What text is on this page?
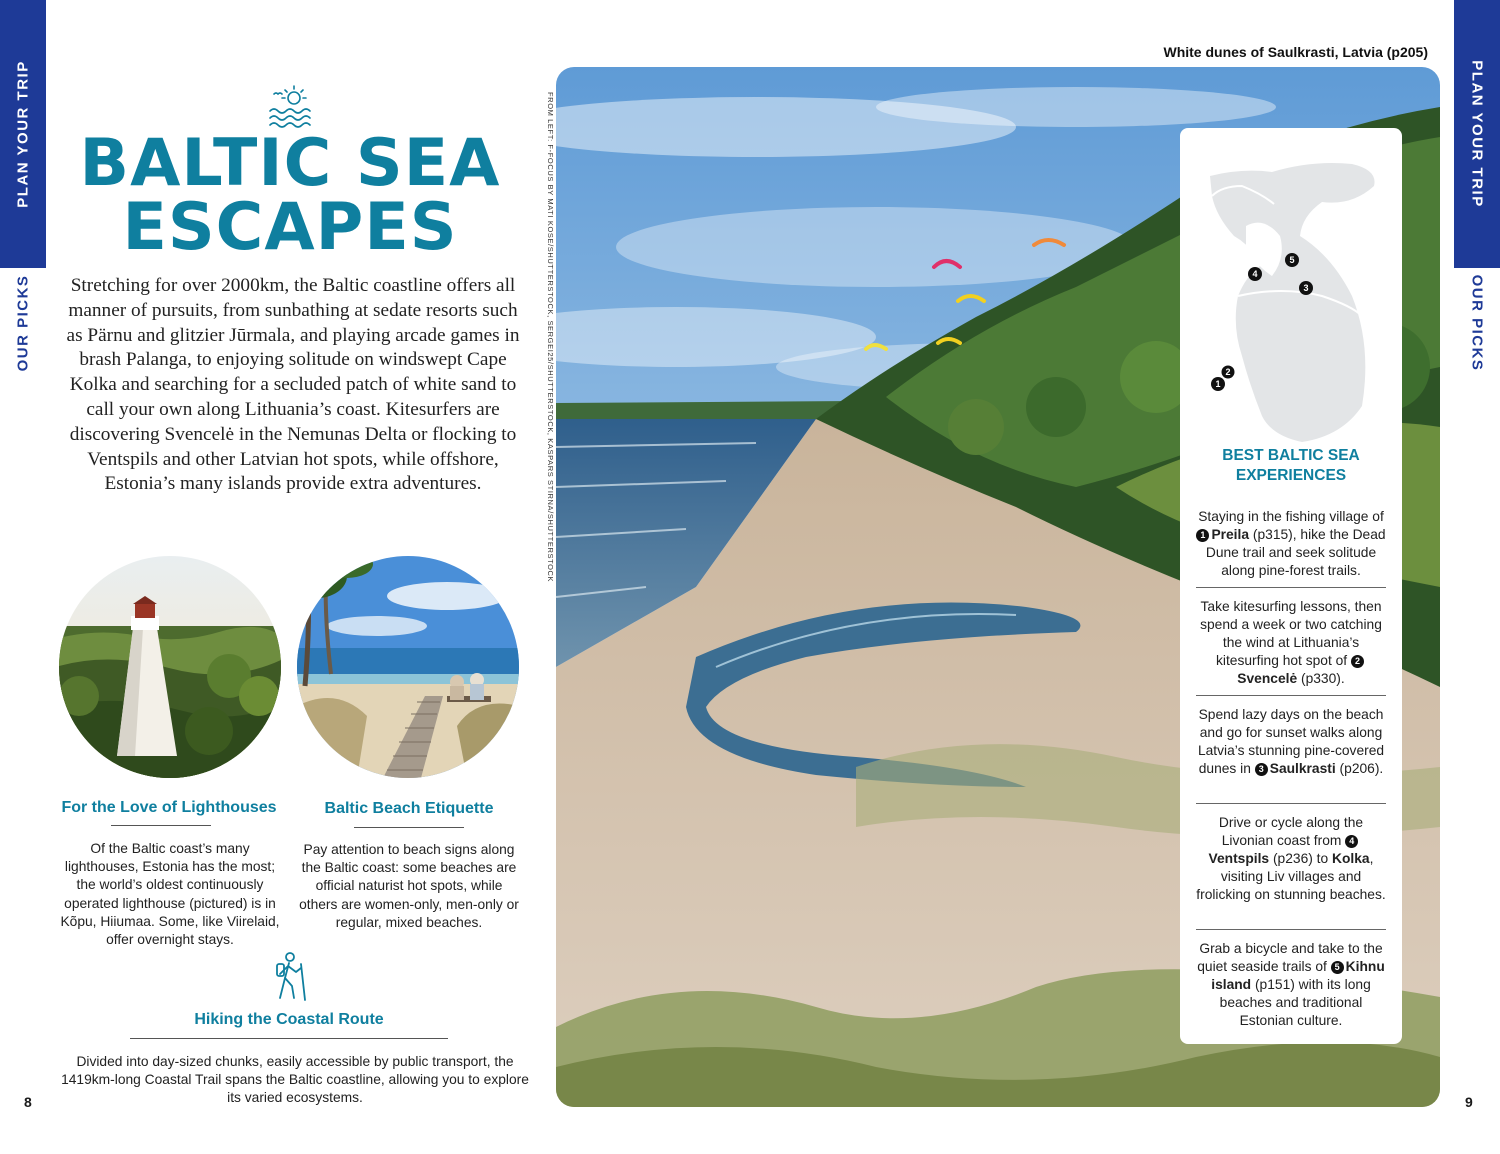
PLAN YOUR TRIP
OUR PICKS
PLAN YOUR TRIP
OUR PICKS
8	9
BALTIC SEA
ESCAPES
Stretching for over 2000km, the Baltic coastline offers all manner of pursuits, from sunbathing at sedate resorts such as Pärnu and glitzier Jūrmala, and playing arcade games in brash Palanga, to enjoying solitude on windswept Cape Kolka and searching for a secluded patch of white sand to call your own along Lithuania’s coast. Kitesurfers are discovering Svencelė in the Nemunas Delta or flocking to Ventspils and other Latvian hot spots, while offshore, Estonia’s many islands provide extra adventures.
For the Love of Lighthouses
Of the Baltic coast’s many lighthouses, Estonia has the most; the world’s oldest continuously operated lighthouse (pictured) is in Kõpu, Hiiumaa. Some, like Viirelaid, offer overnight stays.
Baltic Beach Etiquette
Pay attention to beach signs along the Baltic coast: some beaches are official naturist hot spots, while others are women-only, men-only or regular, mixed beaches.
Hiking the Coastal Route
Divided into day-sized chunks, easily accessible by public transport, the 1419km-long Coastal Trail spans the Baltic coastline, allowing you to explore its varied ecosystems.
White dunes of Saulkrasti, Latvia (p205)
FROM LEFT: F-FOCUS BY MATI KOSE/SHUTTERSTOCK, SERGEI25/SHUTTERSTOCK, KASPARS STIRNA/SHUTTERSTOCK	1
2
3
4
5
BEST BALTIC SEA EXPERIENCES
Staying in the fishing village of 1 Preila (p315), hike the Dead Dune trail and seek solitude along pine-forest trails.
Take kitesurfing lessons, then spend a week or two catching the wind at Lithuania’s kitesurfing hot spot of 2Svencelė (p330).
Spend lazy days on the beach and go for sunset walks along Latvia’s stunning pine-covered dunes in 3 Saulkrasti (p206).
Drive or cycle along the Livonian coast from 4Ventspils (p236) to Kolka, visiting Liv villages and frolicking on stunning beaches.
Grab a bicycle and take to the quiet seaside trails of 5 Kihnu island (p151) with its long beaches and traditional Estonian culture.
